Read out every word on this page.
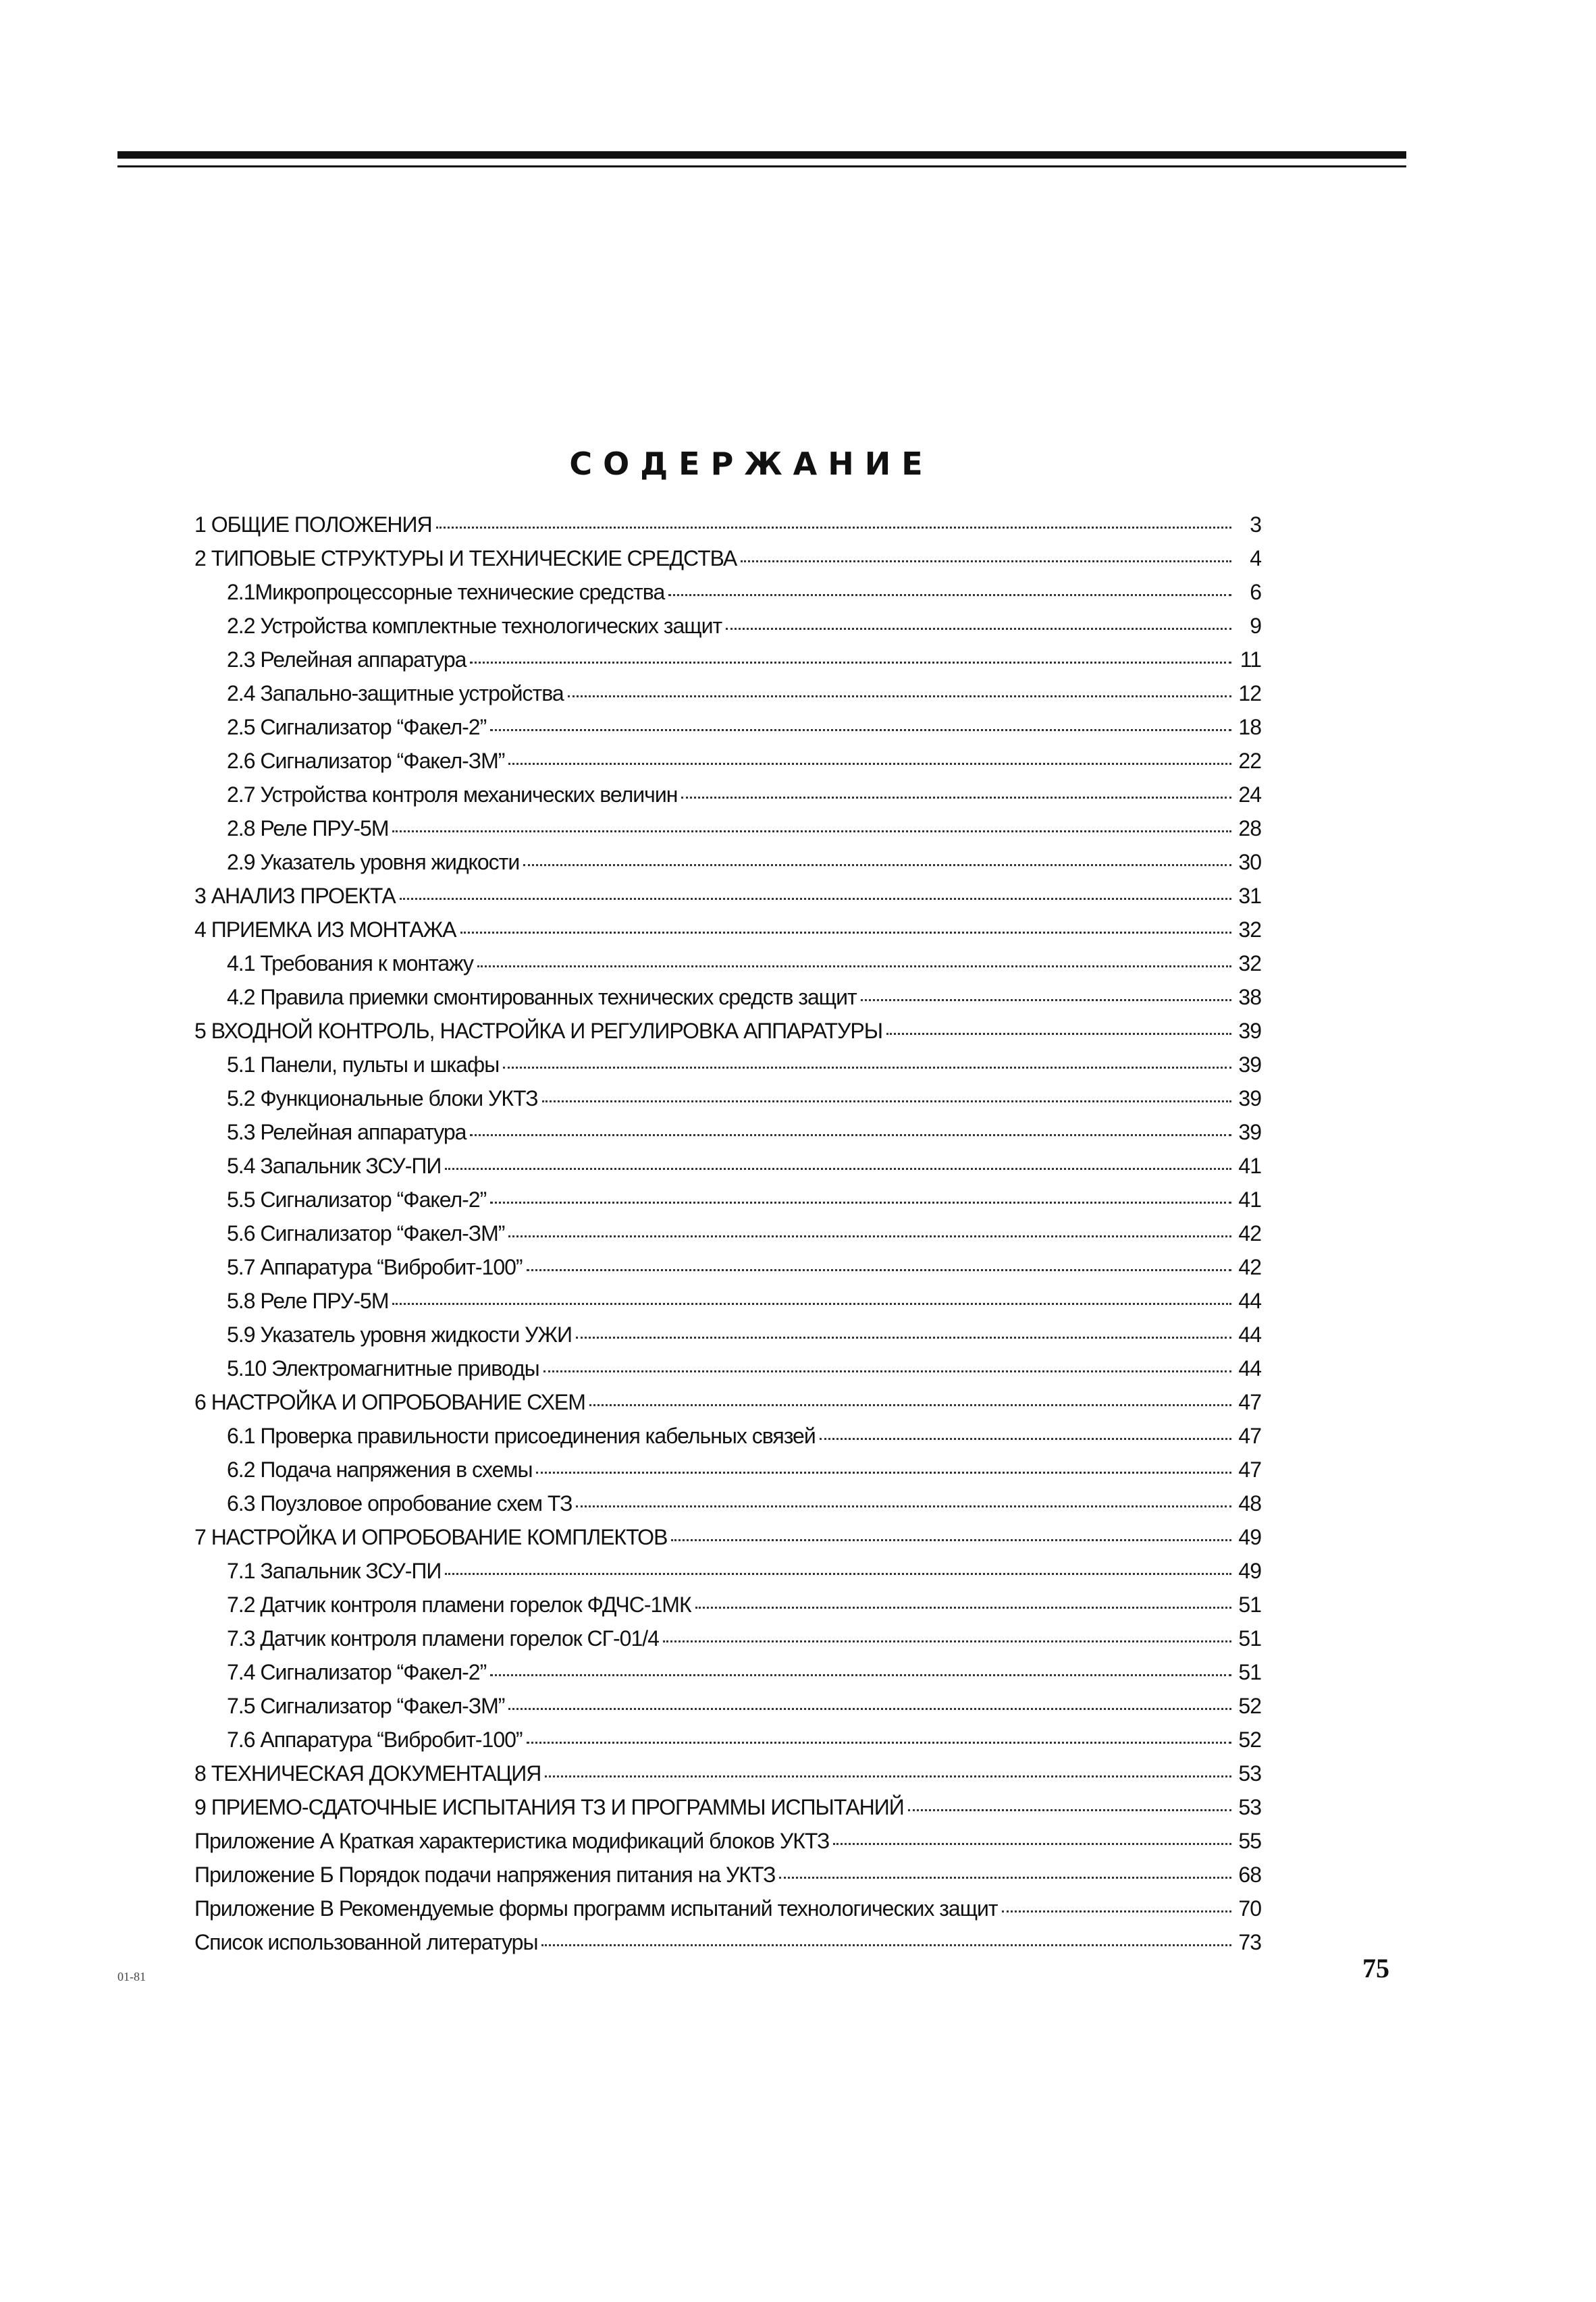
СОДЕРЖАНИЕ
1 ОБЩИЕ ПОЛОЖЕНИЯ	3
2 ТИПОВЫЕ СТРУКТУРЫ И ТЕХНИЧЕСКИЕ СРЕДСТВА	4
2.1Микропроцессорные технические средства	6
2.2 Устройства комплектные технологических защит	9
2.3 Релейная аппаратура	11
2.4 Запально-защитные устройства	12
2.5 Сигнализатор “Факел-2”	18
2.6 Сигнализатор “Факел-ЗМ”	22
2.7 Устройства контроля механических величин	24
2.8 Реле ПРУ-5М	28
2.9 Указатель уровня жидкости	30
3 АНАЛИЗ ПРОЕКТА	31
4 ПРИЕМКА ИЗ МОНТАЖА	32
4.1 Требования к монтажу	32
4.2 Правила приемки смонтированных технических средств защит	38
5 ВХОДНОЙ КОНТРОЛЬ, НАСТРОЙКА И РЕГУЛИРОВКА АППАРАТУРЫ	39
5.1 Панели, пульты и шкафы	39
5.2 Функциональные блоки УКТЗ	39
5.3 Релейная аппаратура	39
5.4 Запальник ЗСУ-ПИ	41
5.5 Сигнализатор “Факел-2”	41
5.6 Сигнализатор “Факел-ЗМ”	42
5.7 Аппаратура “Вибробит-100”	42
5.8 Реле ПРУ-5М	44
5.9 Указатель уровня жидкости УЖИ	44
5.10 Электромагнитные приводы	44
6 НАСТРОЙКА И ОПРОБОВАНИЕ СХЕМ	47
6.1 Проверка правильности присоединения кабельных связей	47
6.2 Подача напряжения в схемы	47
6.3 Поузловое опробование схем ТЗ	48
7 НАСТРОЙКА И ОПРОБОВАНИЕ КОМПЛЕКТОВ	49
7.1 Запальник ЗСУ-ПИ	49
7.2 Датчик контроля пламени горелок ФДЧС-1МК	51
7.3 Датчик контроля пламени горелок СГ-01/4	51
7.4 Сигнализатор “Факел-2”	51
7.5 Сигнализатор “Факел-ЗМ”	52
7.6 Аппаратура “Вибробит-100”	52
8 ТЕХНИЧЕСКАЯ ДОКУМЕНТАЦИЯ	53
9 ПРИЕМО-СДАТОЧНЫЕ ИСПЫТАНИЯ ТЗ И ПРОГРАММЫ ИСПЫТАНИЙ	53
Приложение А Краткая характеристика модификаций блоков УКТЗ	55
Приложение Б Порядок подачи напряжения питания на УКТЗ	68
Приложение В Рекомендуемые формы программ испытаний технологических защит	70
Список использованной литературы	73
01-81	75
